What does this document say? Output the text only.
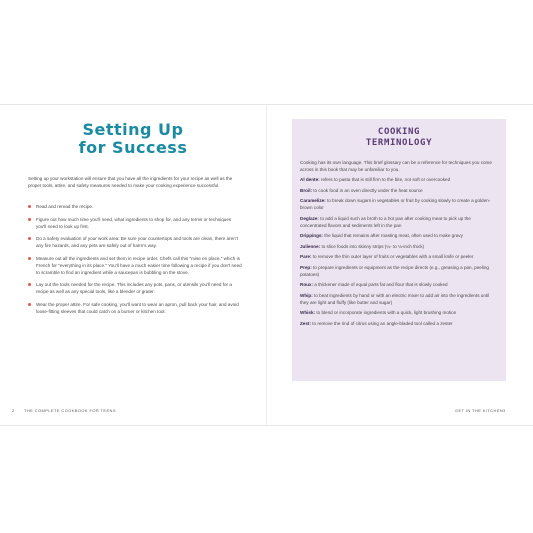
Setting Up
for Success

Setting up your workstation will ensure that you have all the ingredients for your recipe as well as the proper tools, attire, and safety measures needed to make your cooking experience successful.

Read and reread the recipe.
Figure out how much time you'll need, what ingredients to shop for, and any terms or techniques you'll need to look up first.
Do a safety evaluation of your work area: Be sure your countertops and tools are clean, there aren't any fire hazards, and any pets are safely out of harm's way.
Measure out all the ingredients and set them in recipe order. Chefs call this "mise en place," which is French for "everything in its place." You'll have a much easier time following a recipe if you don't need to scramble to find an ingredient while a saucepan is bubbling on the stove.
Lay out the tools needed for the recipe. This includes any pots, pans, or utensils you'll need for a recipe as well as any special tools, like a blender or grater.
Wear the proper attire. For safe cooking, you'll want to wear an apron, pull back your hair, and avoid loose-fitting sleeves that could catch on a burner or kitchen tool.
2 THE COMPLETE COOKBOOK FOR TEENS
COOKING
TERMINOLOGY

Cooking has its own language. This brief glossary can be a reference for techniques you come across in this book that may be unfamiliar to you.

Al dente: refers to pasta that is still firm to the bite, not soft or overcooked
Broil: to cook food in an oven directly under the heat source
Caramelize: to break down sugars in vegetables or fruit by cooking slowly to create a golden-brown color
Deglaze: to add a liquid such as broth to a hot pan after cooking meat to pick up the concentrated flavors and sediments left in the pan
Drippings: the liquid that remains after roasting meat, often used to make gravy
Julienne: to slice foods into skinny strips (¼- to ⅛-inch thick)
Pare: to remove the thin outer layer of fruits or vegetables with a small knife or peeler
Prep: to prepare ingredients or equipment as the recipe directs (e.g., greasing a pan, peeling potatoes)
Roux: a thickener made of equal parts fat and flour that is slowly cooked
Whip: to beat ingredients by hand or with an electric mixer to add air into the ingredients until they are light and fluffy (like butter and sugar)
Whisk: to blend or incorporate ingredients with a quick, light brushing motion
Zest: to remove the rind of citrus using an angle-bladed tool called a zester
GET IN THE KITCHEN 3
